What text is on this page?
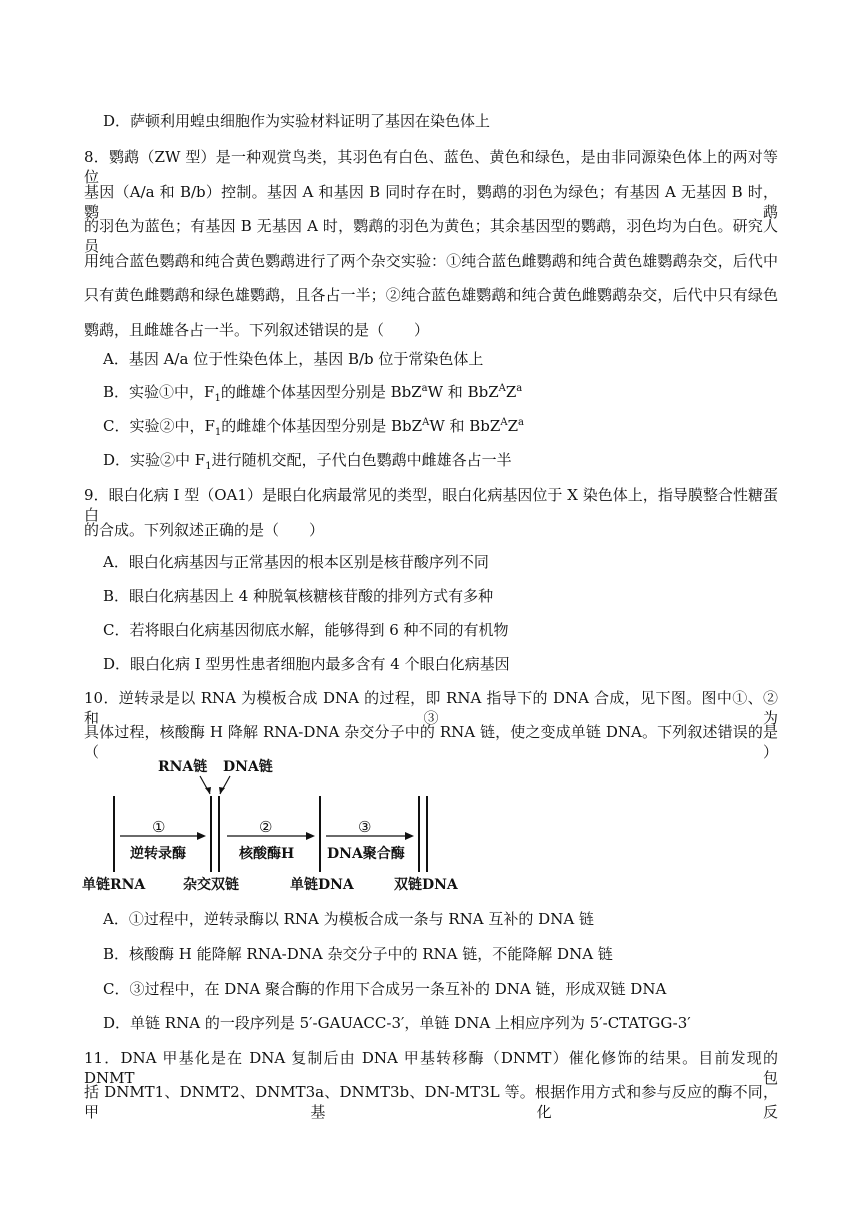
D．萨顿利用蝗虫细胞作为实验材料证明了基因在染色体上
8．鹦鹉（ZW 型）是一种观赏鸟类，其羽色有白色、蓝色、黄色和绿色，是由非同源染色体上的两对等位
基因（A/a 和 B/b）控制。基因 A 和基因 B 同时存在时，鹦鹉的羽色为绿色；有基因 A 无基因 B 时，鹦鹉
的羽色为蓝色；有基因 B 无基因 A 时，鹦鹉的羽色为黄色；其余基因型的鹦鹉，羽色均为白色。研究人员
用纯合蓝色鹦鹉和纯合黄色鹦鹉进行了两个杂交实验：①纯合蓝色雌鹦鹉和纯合黄色雄鹦鹉杂交，后代中
只有黄色雌鹦鹉和绿色雄鹦鹉，且各占一半；②纯合蓝色雄鹦鹉和纯合黄色雌鹦鹉杂交，后代中只有绿色
鹦鹉，且雌雄各占一半。下列叙述错误的是（　　）
A．基因 A/a 位于性染色体上，基因 B/b 位于常染色体上
B．实验①中，$F_1$的雌雄个体基因型分别是 BbZ$^a$W 和 $BbZ^AZ^a$
C．实验②中，$F_1$的雌雄个体基因型分别是 BbZ$^A$W 和 $BbZ^AZ^a$
D．实验②中 $F_1$进行随机交配，子代白色鹦鹉中雌雄各占一半
9．眼白化病 I 型（OA1）是眼白化病最常见的类型，眼白化病基因位于 X 染色体上，指导膜整合性糖蛋白
的合成。下列叙述正确的是（　　）
A．眼白化病基因与正常基因的根本区别是核苷酸序列不同
B．眼白化病基因上 4 种脱氧核糖核苷酸的排列方式有多种
C．若将眼白化病基因彻底水解，能够得到 6 种不同的有机物
D．眼白化病 I 型男性患者细胞内最多含有 4 个眼白化病基因
10．逆转录是以 RNA 为模板合成 DNA 的过程，即 RNA 指导下的 DNA 合成，见下图。图中①、②和③为
具体过程，核酸酶 H 降解 RNA-DNA 杂交分子中的 RNA 链，使之变成单链 DNA。下列叙述错误的是（　　）
RNA链 DNA链
①
逆转录酶
②
核酸酶H
③
DNA聚合酶
单链RNA	杂交双链	单链DNA	双链DNA
A．①过程中，逆转录酶以 RNA 为模板合成一条与 RNA 互补的 DNA 链
B．核酸酶 H 能降解 RNA-DNA 杂交分子中的 RNA 链，不能降解 DNA 链
C．③过程中，在 DNA 聚合酶的作用下合成另一条互补的 DNA 链，形成双链 DNA
D．单链 RNA 的一段序列是 5′-GAUACC-3′，单链 DNA 上相应序列为 5′-CTATGG-3′
11．DNA 甲基化是在 DNA 复制后由 DNA 甲基转移酶（DNMT）催化修饰的结果。目前发现的 DNMT 包
括 DNMT1、DNMT2、DNMT3a、DNMT3b、DN-MT3L 等。根据作用方式和参与反应的酶不同，甲基化反
